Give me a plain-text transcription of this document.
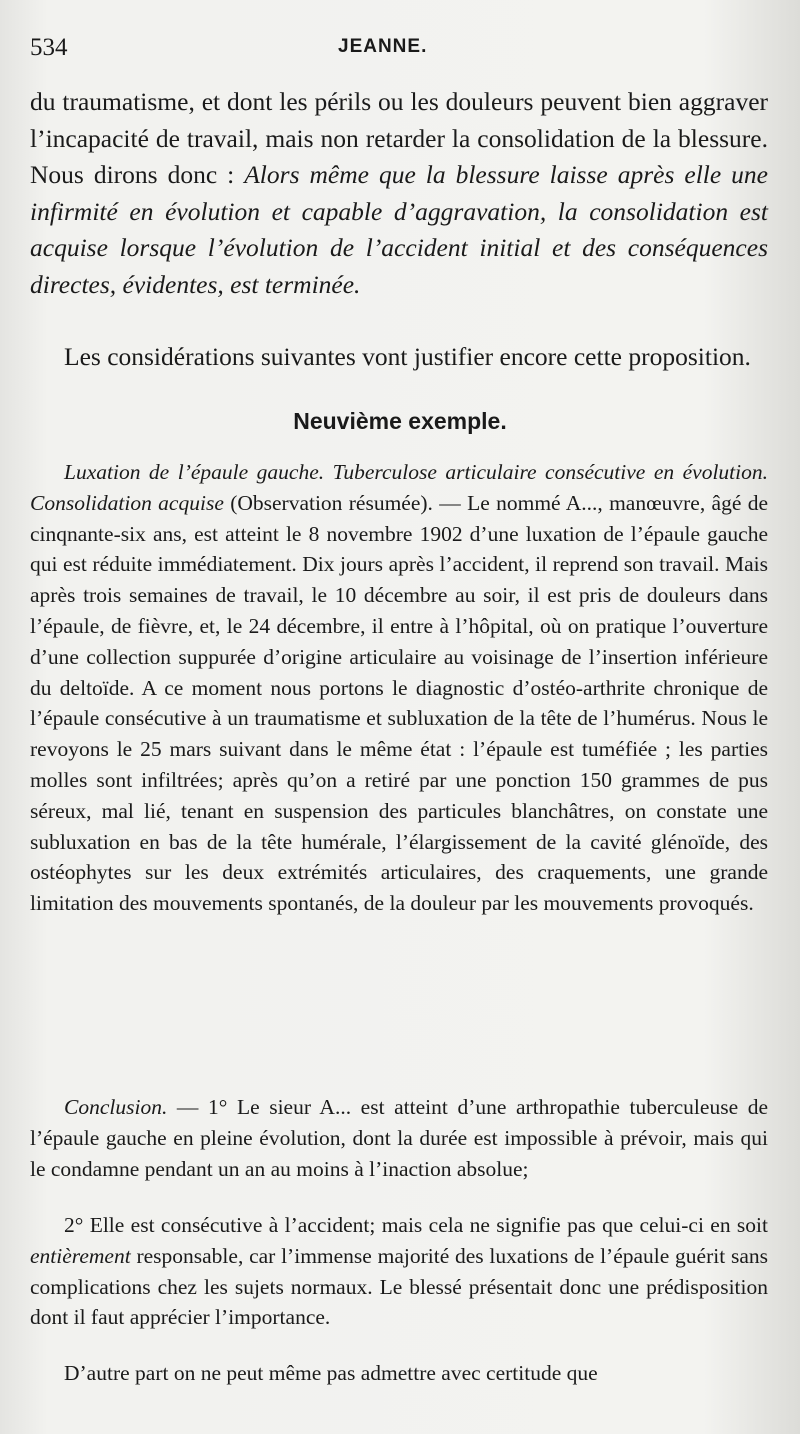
534	JEANNE.

du traumatisme, et dont les périls ou les douleurs peuvent bien aggraver l’incapacité de travail, mais non retarder la consolidation de la blessure. Nous dirons donc : Alors même que la blessure laisse après elle une infirmité en évolution et capable d’aggravation, la consolidation est acquise lorsque l’évolution de l’accident initial et des conséquences directes, évidentes, est terminée.

Les considérations suivantes vont justifier encore cette proposition.

Neuvième exemple.

Luxation de l’épaule gauche. Tuberculose articulaire consécutive en évolution. Consolidation acquise (Observation résumée). — Le nommé A..., manœuvre, âgé de cinqnante-six ans, est atteint le 8 novembre 1902 d’une luxation de l’épaule gauche qui est réduite immédiatement. Dix jours après l’accident, il reprend son travail. Mais après trois semaines de travail, le 10 décembre au soir, il est pris de douleurs dans l’épaule, de fièvre, et, le 24 décembre, il entre à l’hôpital, où on pratique l’ouverture d’une collection suppurée d’origine articulaire au voisinage de l’insertion inférieure du deltoïde. A ce moment nous portons le diagnostic d’ostéo-arthrite chronique de l’épaule consécutive à un traumatisme et subluxation de la tête de l’humérus. Nous le revoyons le 25 mars suivant dans le même état : l’épaule est tuméfiée ; les parties molles sont infiltrées; après qu’on a retiré par une ponction 150 grammes de pus séreux, mal lié, tenant en suspension des particules blanchâtres, on constate une subluxation en bas de la tête humérale, l’élargissement de la cavité glénoïde, des ostéophytes sur les deux extrémités articulaires, des craquements, une grande limitation des mouvements spontanés, de la douleur par les mouvements provoqués.

Conclusion. — 1° Le sieur A... est atteint d’une arthropathie tuberculeuse de l’épaule gauche en pleine évolution, dont la durée est impossible à prévoir, mais qui le condamne pendant un an au moins à l’inaction absolue;

2° Elle est consécutive à l’accident; mais cela ne signifie pas que celui-ci en soit entièrement responsable, car l’immense majorité des luxations de l’épaule guérit sans complications chez les sujets normaux. Le blessé présentait donc une prédisposition dont il faut apprécier l’importance.

D’autre part on ne peut même pas admettre avec certitude que
